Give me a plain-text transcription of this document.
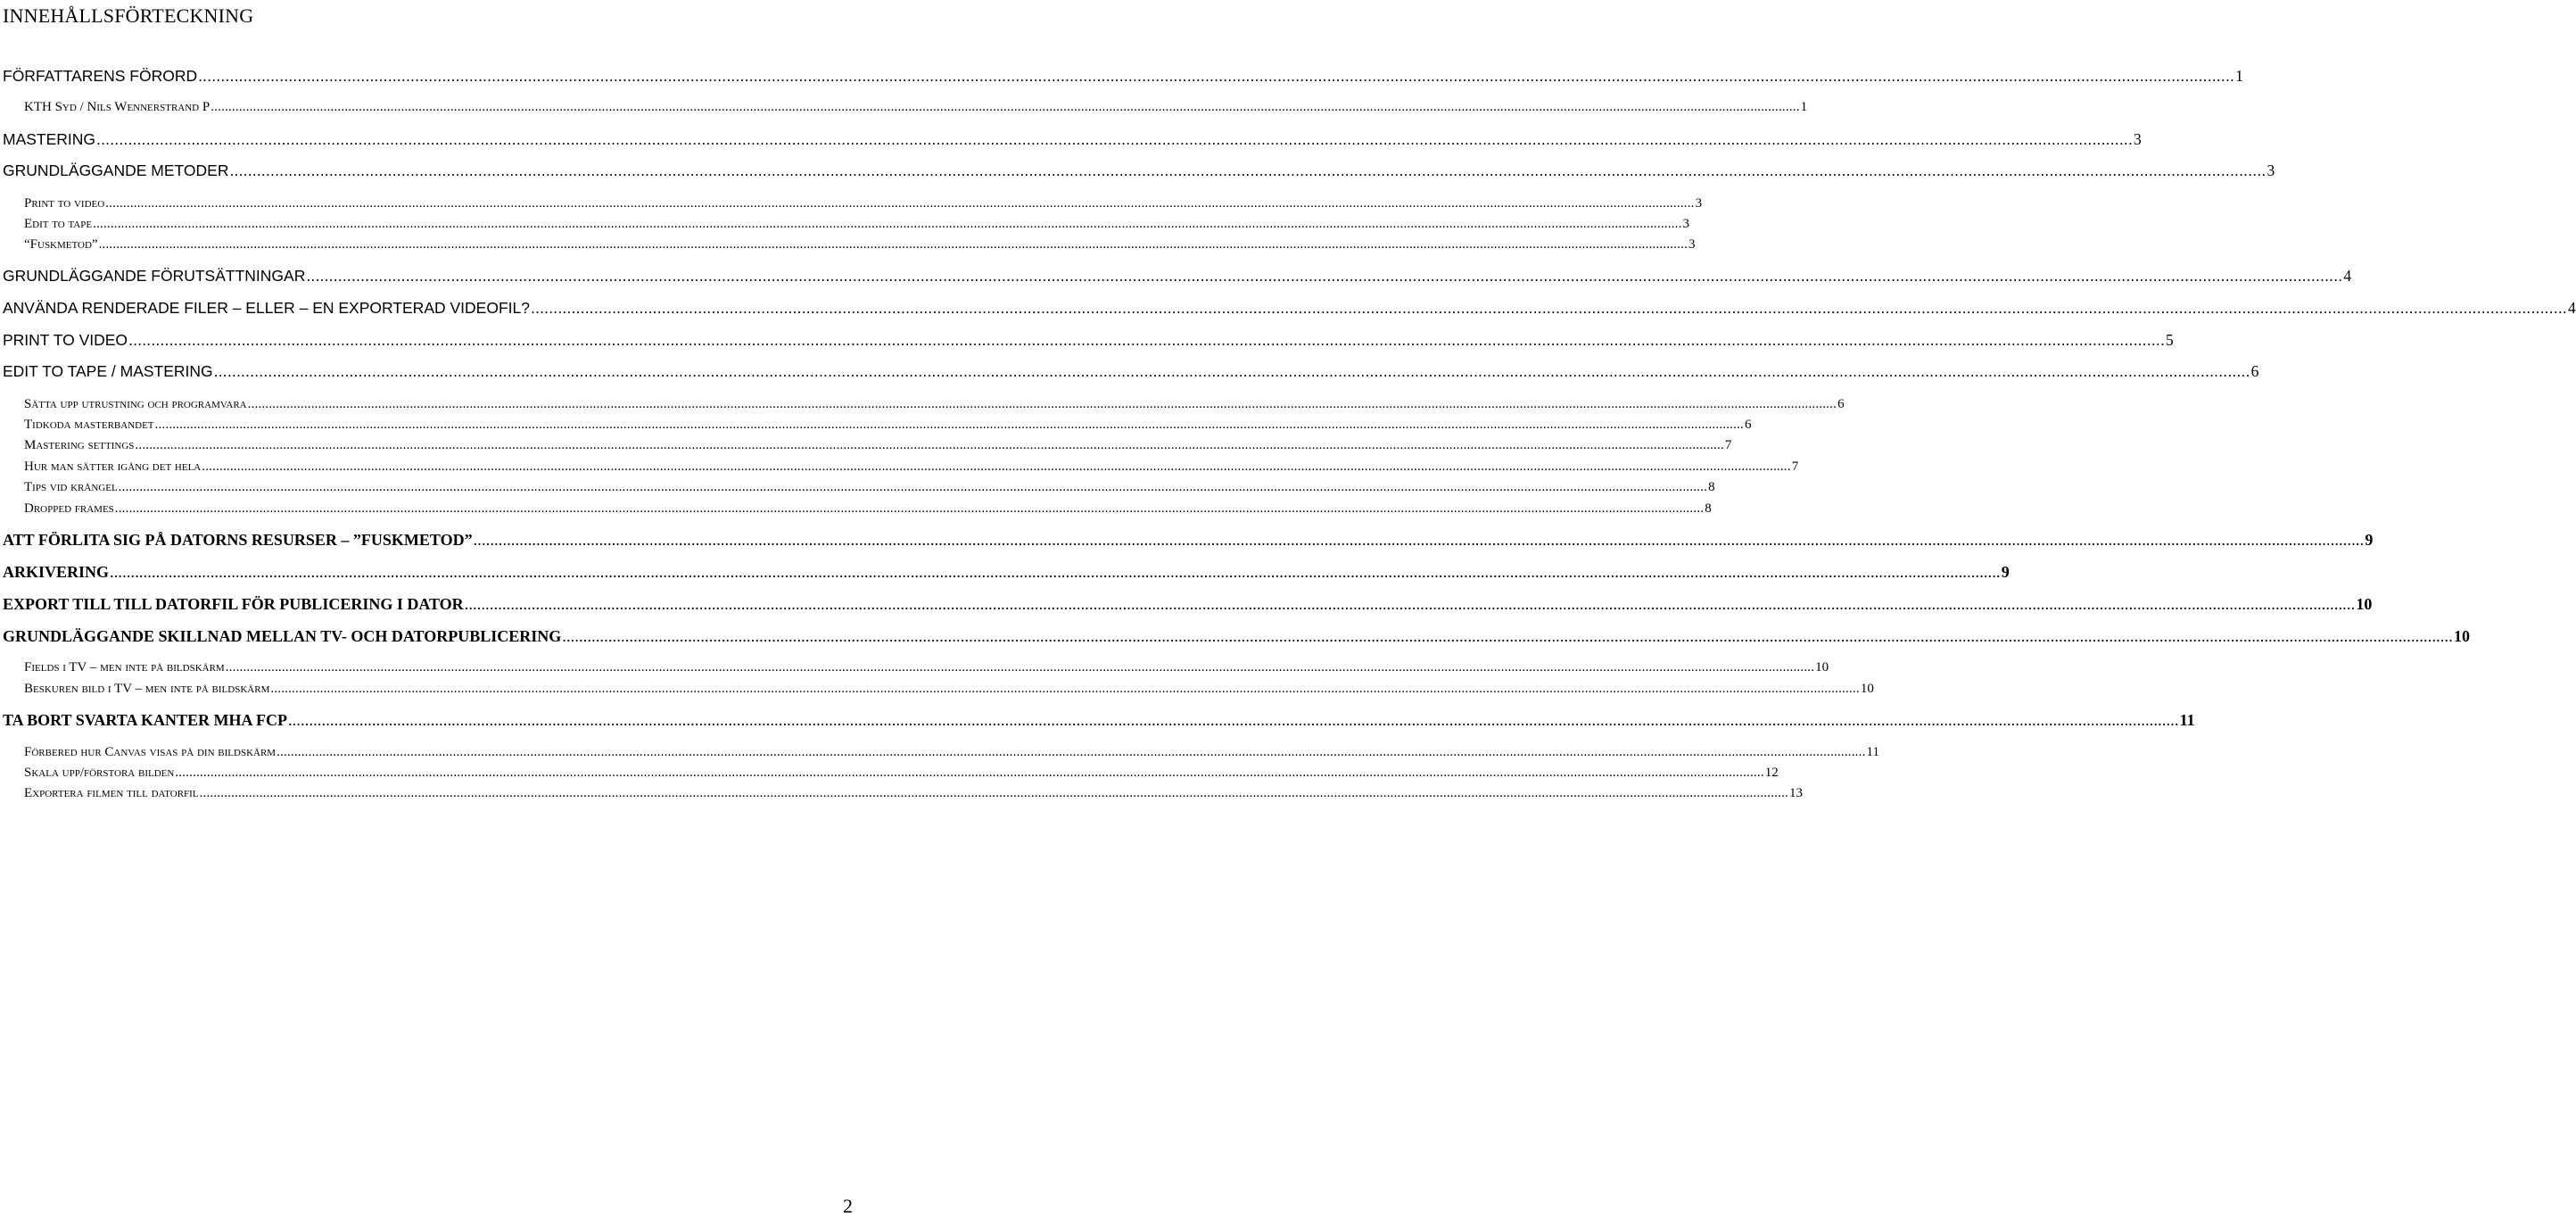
INNEHÅLLSFÖRTECKNING
FÖRFATTARENS FÖRORD ................................................................................................................................................................................................................................................................................................................................................................................................................................................................... 1
KTH Syd / Nils Wennerstrand P ................................................................................................................................................................................................................................................................................................................................................................................................................................................................... 1
MASTERING ................................................................................................................................................................................................................................................................................................................................................................................................................................................................... 3
GRUNDLÄGGANDE METODER ................................................................................................................................................................................................................................................................................................................................................................................................................................................................... 3
Print to video ................................................................................................................................................................................................................................................................................................................................................................................................................................................................... 3
Edit to tape ................................................................................................................................................................................................................................................................................................................................................................................................................................................................... 3
“Fuskmetod” ................................................................................................................................................................................................................................................................................................................................................................................................................................................................... 3
GRUNDLÄGGANDE FÖRUTSÄTTNINGAR ................................................................................................................................................................................................................................................................................................................................................................................................................................................................... 4
ANVÄNDA RENDERADE FILER – ELLER – EN EXPORTERAD VIDEOFIL? ................................................................................................................................................................................................................................................................................................................................................................................................................................................................... 4
PRINT TO VIDEO ................................................................................................................................................................................................................................................................................................................................................................................................................................................................... 5
EDIT TO TAPE / MASTERING ................................................................................................................................................................................................................................................................................................................................................................................................................................................................... 6
Sätta upp utrustning och programvara ................................................................................................................................................................................................................................................................................................................................................................................................................................................................... 6
Tidkoda masterbandet ................................................................................................................................................................................................................................................................................................................................................................................................................................................................... 6
Mastering settings ................................................................................................................................................................................................................................................................................................................................................................................................................................................................... 7
Hur man sätter igång det hela ................................................................................................................................................................................................................................................................................................................................................................................................................................................................... 7
Tips vid krångel ................................................................................................................................................................................................................................................................................................................................................................................................................................................................... 8
Dropped frames ................................................................................................................................................................................................................................................................................................................................................................................................................................................................... 8
ATT FÖRLITA SIG PÅ DATORNS RESURSER – ”FUSKMETOD” ................................................................................................................................................................................................................................................................................................................................................................................................................................................................... 9
ARKIVERING ................................................................................................................................................................................................................................................................................................................................................................................................................................................................... 9
EXPORT TILL TILL DATORFIL FÖR PUBLICERING I DATOR ................................................................................................................................................................................................................................................................................................................................................................................................................................................................... 10
GRUNDLÄGGANDE SKILLNAD MELLAN TV- OCH DATORPUBLICERING ................................................................................................................................................................................................................................................................................................................................................................................................................................................................... 10
Fields i TV – men inte på bildskärm ................................................................................................................................................................................................................................................................................................................................................................................................................................................................... 10
Beskuren bild i TV – men inte på bildskärm ................................................................................................................................................................................................................................................................................................................................................................................................................................................................... 10
TA BORT SVARTA KANTER MHA FCP ................................................................................................................................................................................................................................................................................................................................................................................................................................................................... 11
Förbered hur Canvas visas på din bildskärm ................................................................................................................................................................................................................................................................................................................................................................................................................................................................... 11
Skala upp/förstora bilden ................................................................................................................................................................................................................................................................................................................................................................................................................................................................... 12
Exportera filmen till datorfil ................................................................................................................................................................................................................................................................................................................................................................................................................................................................... 13
2
